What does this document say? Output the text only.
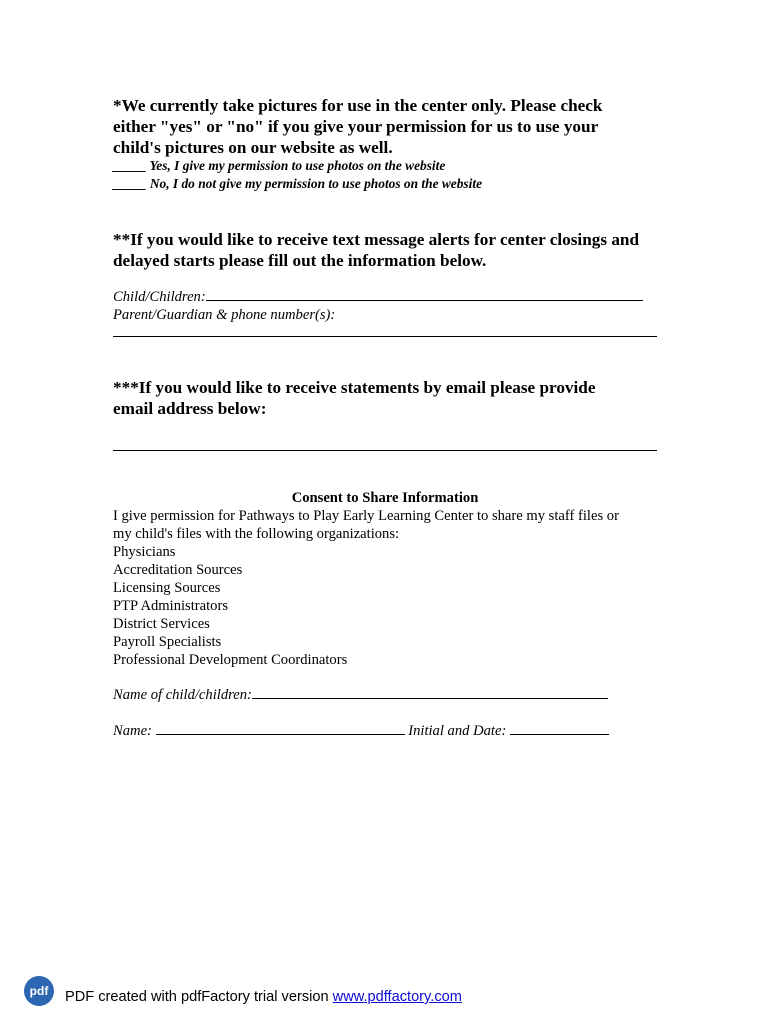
*We currently take pictures for use in the center only. Please check
either "yes" or "no" if you give your permission for us to use your
child's pictures on our website as well.
_____ Yes, I give my permission to use photos on the website
_____ No, I do not give my permission to use photos on the website
**If you would like to receive text message alerts for center closings and
delayed starts please fill out the information below.
Child/Children:
Parent/Guardian & phone number(s):
***If you would like to receive statements by email please provide
email address below:
Consent to Share Information
I give permission for Pathways to Play Early Learning Center to share my staff files or
my child's files with the following organizations:
Physicians
Accreditation Sources
Licensing Sources
PTP Administrators
District Services
Payroll Specialists
Professional Development Coordinators
Name of child/children:
Name:	Initial and Date:
pdf	PDF created with pdfFactory trial version www.pdffactory.com
